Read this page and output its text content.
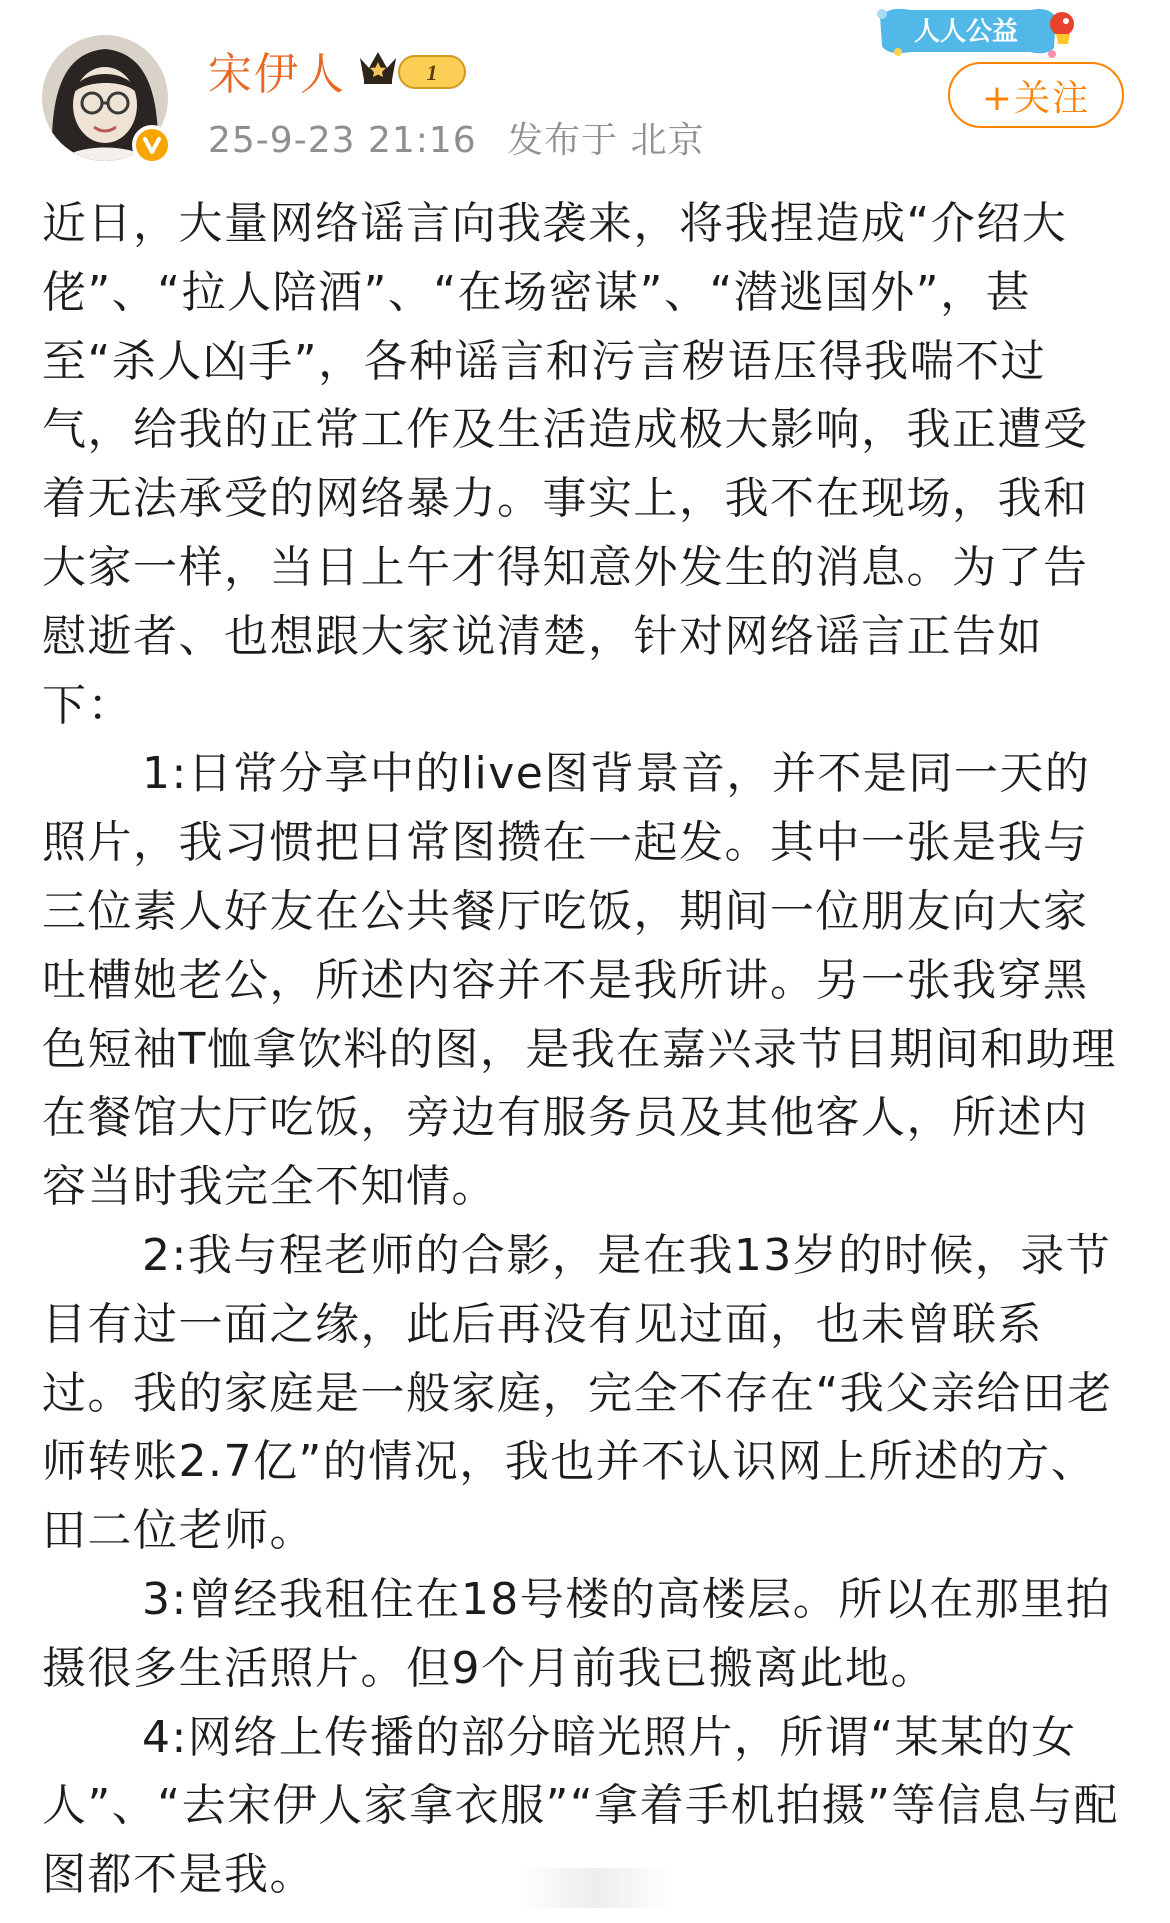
宋伊人	1
25-9-23 21:16 发布于 北京
人人公益
+关注

近日，大量网络谣言向我袭来，将我捏造成“介绍大佬”、“拉人陪酒”、“在场密谋”、“潜逃国外”，甚至“杀人凶手”，各种谣言和污言秽语压得我喘不过气，给我的正常工作及生活造成极大影响，我正遭受着无法承受的网络暴力。事实上，我不在现场，我和大家一样，当日上午才得知意外发生的消息。为了告慰逝者、也想跟大家说清楚，针对网络谣言正告如下：

1:日常分享中的live图背景音，并不是同一天的照片，我习惯把日常图攒在一起发。其中一张是我与三位素人好友在公共餐厅吃饭，期间一位朋友向大家吐槽她老公，所述内容并不是我所讲。另一张我穿黑色短袖T恤拿饮料的图，是我在嘉兴录节目期间和助理在餐馆大厅吃饭，旁边有服务员及其他客人，所述内容当时我完全不知情。

2:我与程老师的合影，是在我13岁的时候，录节目有过一面之缘，此后再没有见过面，也未曾联系过。我的家庭是一般家庭，完全不存在“我父亲给田老师转账2.7亿”的情况，我也并不认识网上所述的方、田二位老师。

3:曾经我租住在18号楼的高楼层。所以在那里拍摄很多生活照片。但9个月前我已搬离此地。

4:网络上传播的部分暗光照片，所谓“某某的女人”、“去宋伊人家拿衣服”“拿着手机拍摄”等信息与配图都不是我。
